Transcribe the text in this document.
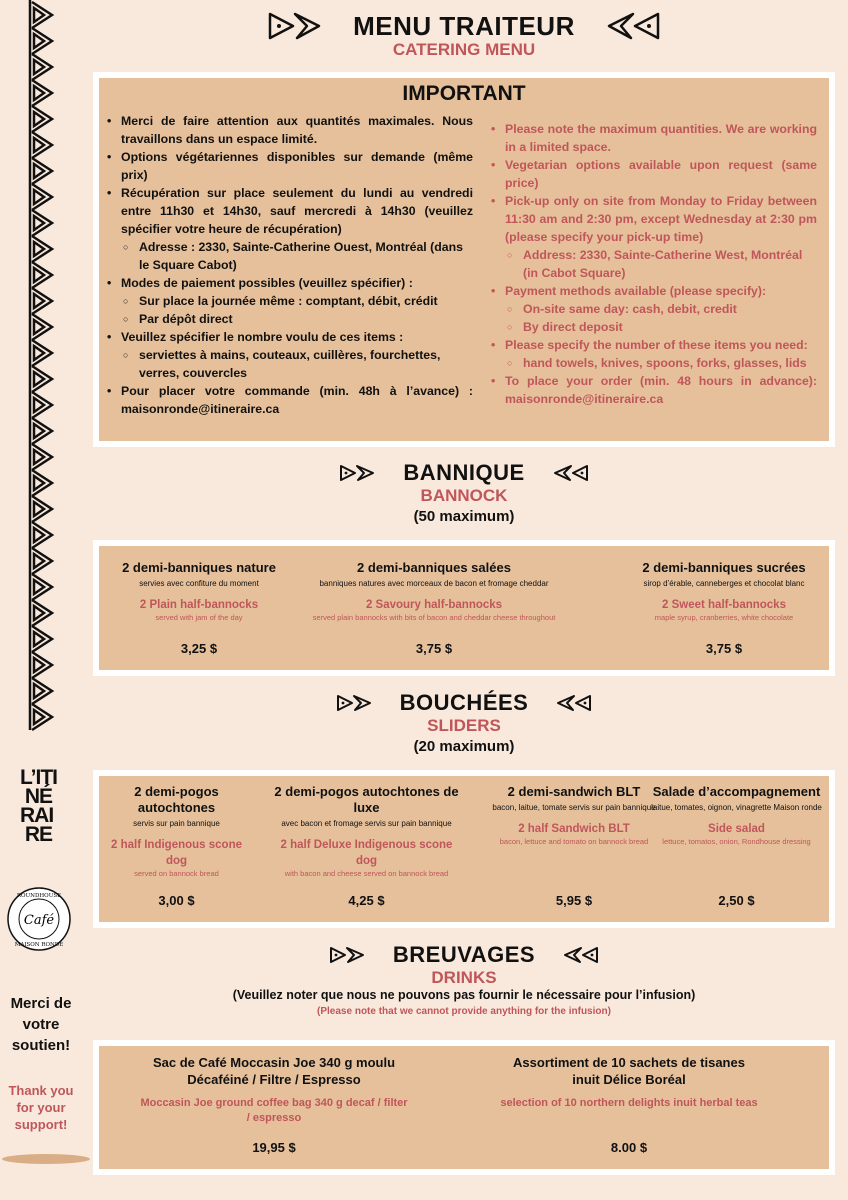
MENU TRAITEUR
CATERING MENU
IMPORTANT
• Merci de faire attention aux quantités maximales. Nous travaillons dans un espace limité.
• Options végétariennes disponibles sur demande (même prix)
• Récupération sur place seulement du lundi au vendredi entre 11h30 et 14h30, sauf mercredi à 14h30 (veuillez spécifier votre heure de récupération)
○ Adresse : 2330, Sainte-Catherine Ouest, Montréal (dans le Square Cabot)
• Modes de paiement possibles (veuillez spécifier) :
○ Sur place la journée même : comptant, débit, crédit
○ Par dépôt direct
• Veuillez spécifier le nombre voulu de ces items :
○ serviettes à mains, couteaux, cuillères, fourchettes, verres, couvercles
• Pour placer votre commande (min. 48h à l’avance) : maisonronde@itineraire.ca
• Please note the maximum quantities. We are working in a limited space.
• Vegetarian options available upon request (same price)
• Pick-up only on site from Monday to Friday between 11:30 am and 2:30 pm, except Wednesday at 2:30 pm (please specify your pick-up time)
○ Address: 2330, Sainte-Catherine West, Montréal (in Cabot Square)
• Payment methods available (please specify):
○ On-site same day: cash, debit, credit
○ By direct deposit
• Please specify the number of these items you need:
○ hand towels, knives, spoons, forks, glasses, lids
• To place your order (min. 48 hours in advance): maisonronde@itineraire.ca
BANNIQUE
BANNOCK
(50 maximum)
2 demi-banniques nature
servies avec confiture du moment
2 Plain half-bannocks
served with jam of the day
3,25 $
2 demi-banniques salées
banniques natures avec morceaux de bacon et fromage cheddar
2 Savoury half-bannocks
served plain bannocks with bits of bacon and cheddar cheese throughout
3,75 $
2 demi-banniques sucrées
sirop d’érable, canneberges et chocolat blanc
2 Sweet half-bannocks
maple syrup, cranberries, white chocolate
3,75 $
BOUCHÉES
SLIDERS
(20 maximum)
2 demi-pogos autochtones
servis sur pain bannique
2 half Indigenous scone dog
served on bannock bread
3,00 $
2 demi-pogos autochtones de luxe
avec bacon et fromage servis sur pain bannique
2 half Deluxe Indigenous scone dog
with bacon and cheese served on bannock bread
4,25 $
2 demi-sandwich BLT
bacon, laitue, tomate servis sur pain bannique
2 half Sandwich BLT
bacon, lettuce and tomato on bannock bread
5,95 $
Salade d’accompagnement
laitue, tomates, oignon, vinagrette Maison ronde
Side salad
lettuce, tomatos, onion, Rondhouse dressing
2,50 $
BREUVAGES
DRINKS
(Veuillez noter que nous ne pouvons pas fournir le nécessaire pour l’infusion)
(Please note that we cannot provide anything for the infusion)
Sac de Café Moccasin Joe 340 g moulu Décaféiné / Filtre / Espresso
Moccasin Joe ground coffee bag 340 g decaf / filter / espresso
19,95 $
Assortiment de 10 sachets de tisanes inuit Délice Boréal
selection of 10 northern delights inuit herbal teas
8.00 $
L’ITI
NÉ
RAI
RE
Café
ROUNDHOUSE
MAISON RONDE
Merci de votre soutien!
Thank you for your support!
